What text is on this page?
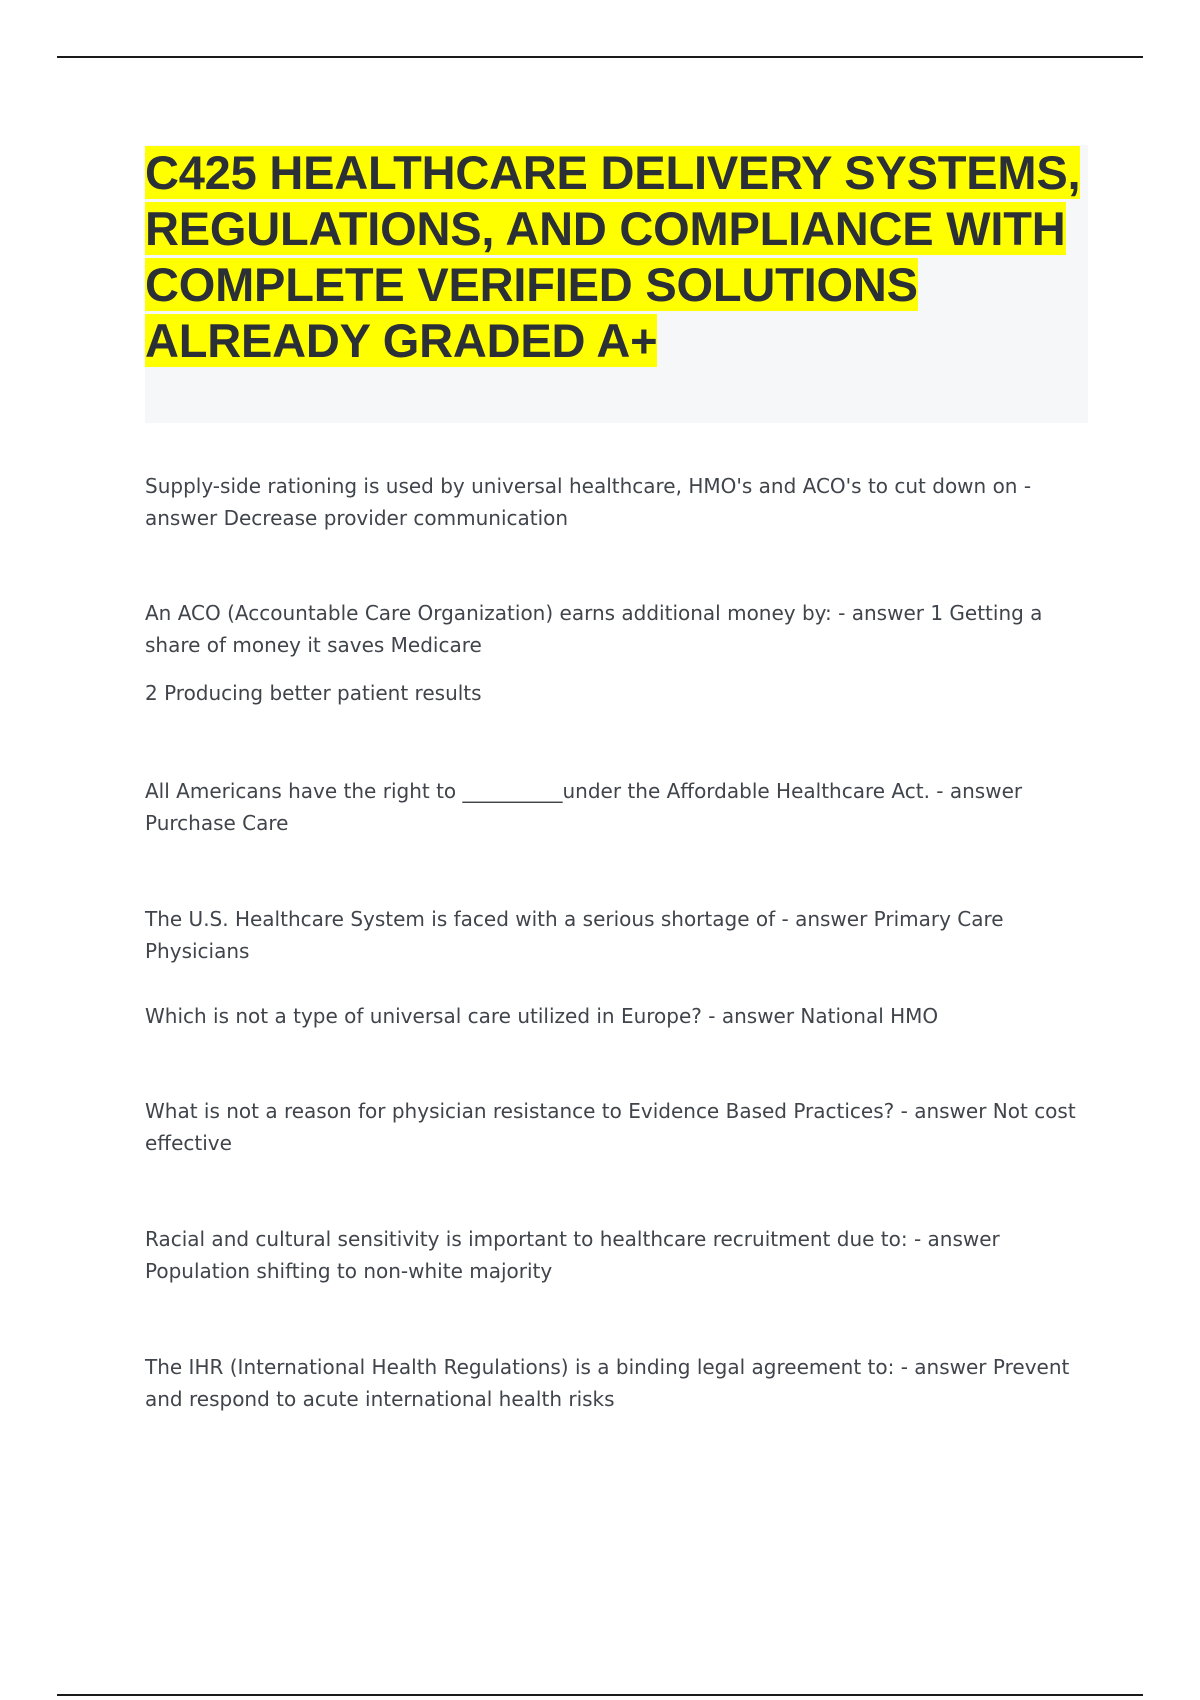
C425 HEALTHCARE DELIVERY SYSTEMS, REGULATIONS, AND COMPLIANCE WITH COMPLETE VERIFIED SOLUTIONS ALREADY GRADED A+

Supply-side rationing is used by universal healthcare, HMO's and ACO's to cut down on - answer Decrease provider communication

An ACO (Accountable Care Organization) earns additional money by: - answer 1 Getting a share of money it saves Medicare

2 Producing better patient results

All Americans have the right to __________under the Affordable Healthcare Act. - answer Purchase Care

The U.S. Healthcare System is faced with a serious shortage of - answer Primary Care Physicians

Which is not a type of universal care utilized in Europe? - answer National HMO

What is not a reason for physician resistance to Evidence Based Practices? - answer Not cost effective

Racial and cultural sensitivity is important to healthcare recruitment due to: - answer Population shifting to non-white majority

The IHR (International Health Regulations) is a binding legal agreement to: - answer Prevent and respond to acute international health risks
